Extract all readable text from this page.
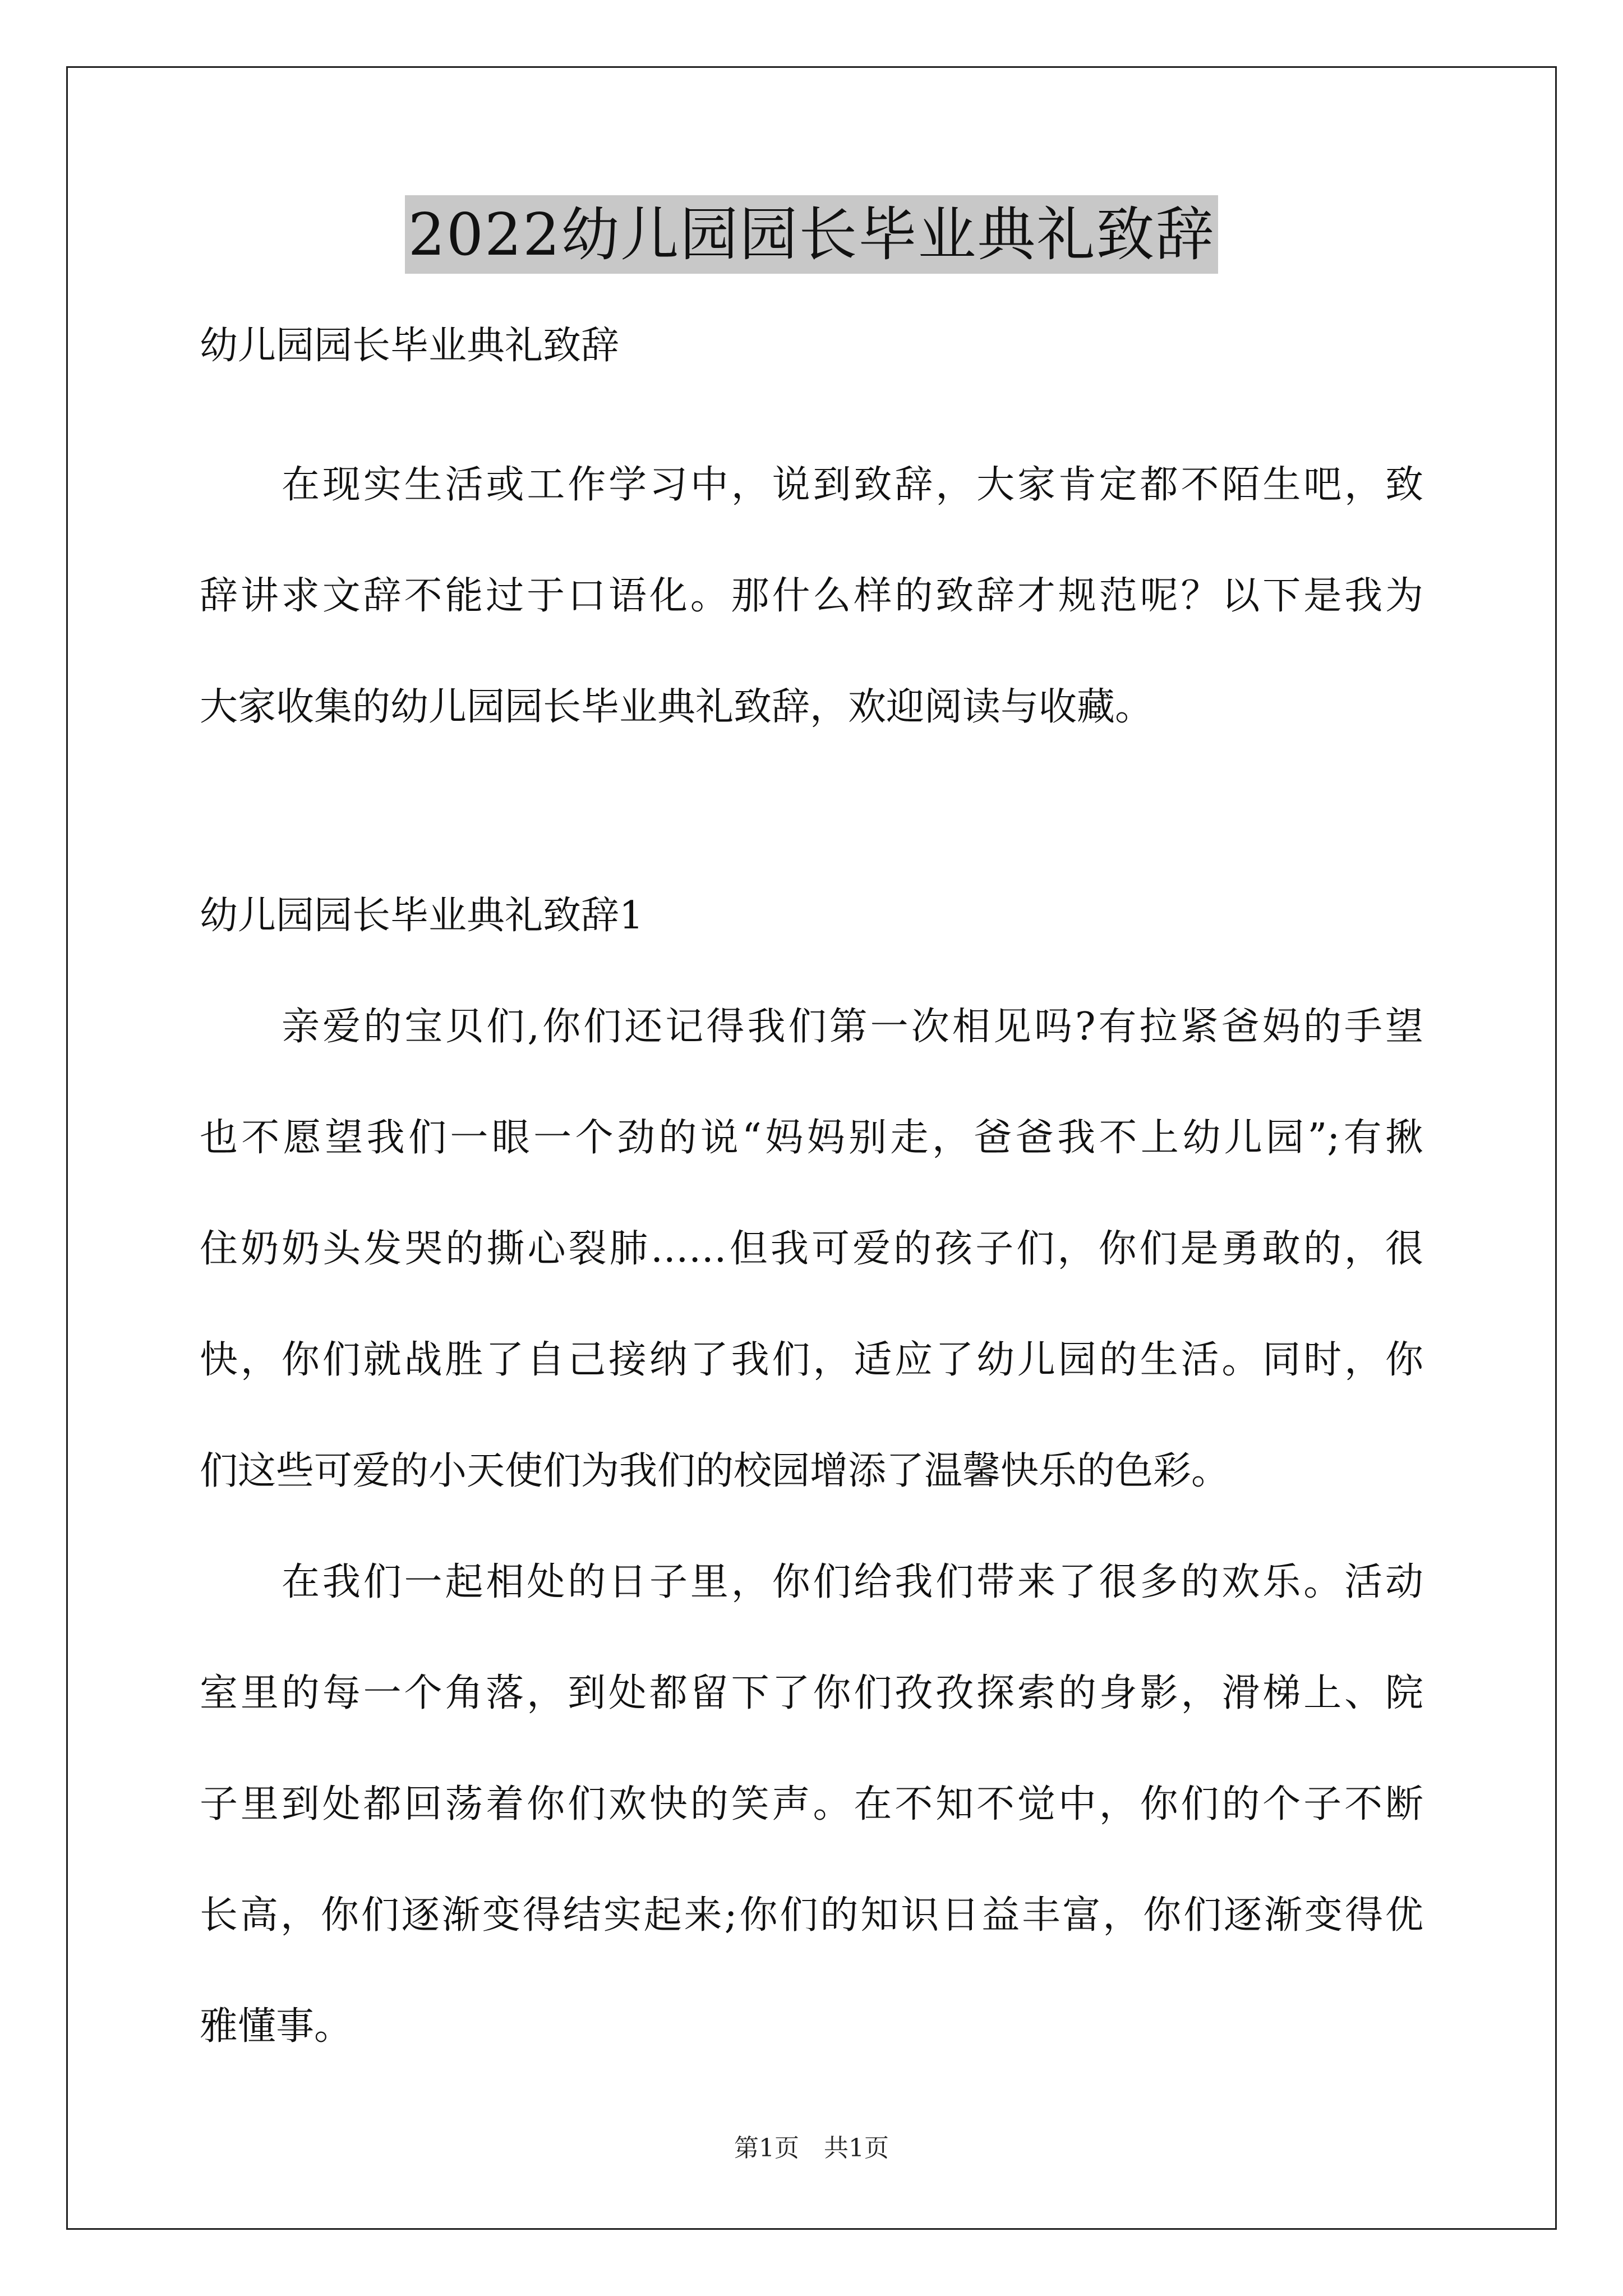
2022幼儿园园长毕业典礼致辞
幼儿园园长毕业典礼致辞
在现实生活或工作学习中，说到致辞，大家肯定都不陌生吧，致
辞讲求文辞不能过于口语化。那什么样的致辞才规范呢？以下是我为
大家收集的幼儿园园长毕业典礼致辞，欢迎阅读与收藏。
幼儿园园长毕业典礼致辞1
亲爱的宝贝们,你们还记得我们第一次相见吗?有拉紧爸妈的手望
也不愿望我们一眼一个劲的说“妈妈别走，爸爸我不上幼儿园”;有揪
住奶奶头发哭的撕心裂肺……但我可爱的孩子们，你们是勇敢的，很
快，你们就战胜了自己接纳了我们，适应了幼儿园的生活。同时，你
们这些可爱的小天使们为我们的校园增添了温馨快乐的色彩。
在我们一起相处的日子里，你们给我们带来了很多的欢乐。活动
室里的每一个角落，到处都留下了你们孜孜探索的身影，滑梯上、院
子里到处都回荡着你们欢快的笑声。在不知不觉中，你们的个子不断
长高，你们逐渐变得结实起来;你们的知识日益丰富，你们逐渐变得优
雅懂事。
第1页　共1页
